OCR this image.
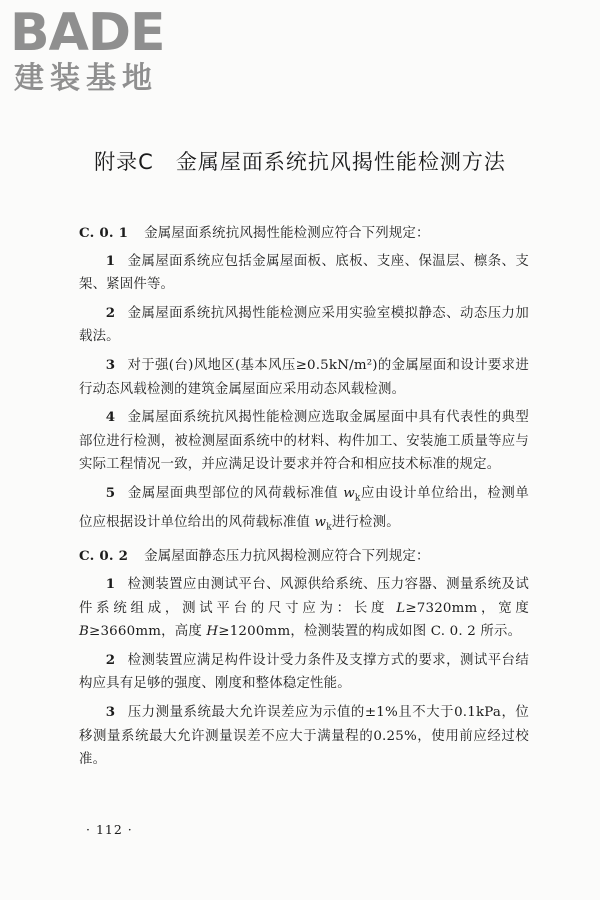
BADE
建装基地
附录C 金属屋面系统抗风揭性能检测方法

C. 0. 1 金属屋面系统抗风揭性能检测应符合下列规定：

1 金属屋面系统应包括金属屋面板、底板、支座、保温层、檩条、支架、紧固件等。

2 金属屋面系统抗风揭性能检测应采用实验室模拟静态、动态压力加载法。

3 对于强(台)风地区(基本风压≥0.5kN/m²)的金属屋面和设计要求进行动态风载检测的建筑金属屋面应采用动态风载检测。

4 金属屋面系统抗风揭性能检测应选取金属屋面中具有代表性的典型部位进行检测，被检测屋面系统中的材料、构件加工、安装施工质量等应与实际工程情况一致，并应满足设计要求并符合和相应技术标准的规定。

5 金属屋面典型部位的风荷载标准值 $w_k$应由设计单位给出，检测单位应根据设计单位给出的风荷载标准值 $w_k$进行检测。

C. 0. 2 金属屋面静态压力抗风揭检测应符合下列规定：

1 检测装置应由测试平台、风源供给系统、压力容器、测量系统及试件系统组成，测试平台的尺寸应为：长度 L≥7320mm，宽度 B≥3660mm，高度 H≥1200mm，检测装置的构成如图 C. 0. 2 所示。

2 检测装置应满足构件设计受力条件及支撑方式的要求，测试平台结构应具有足够的强度、刚度和整体稳定性能。

3 压力测量系统最大允许误差应为示值的±1%且不大于0.1kPa，位移测量系统最大允许测量误差不应大于满量程的0.25%，使用前应经过校准。

· 112 ·
